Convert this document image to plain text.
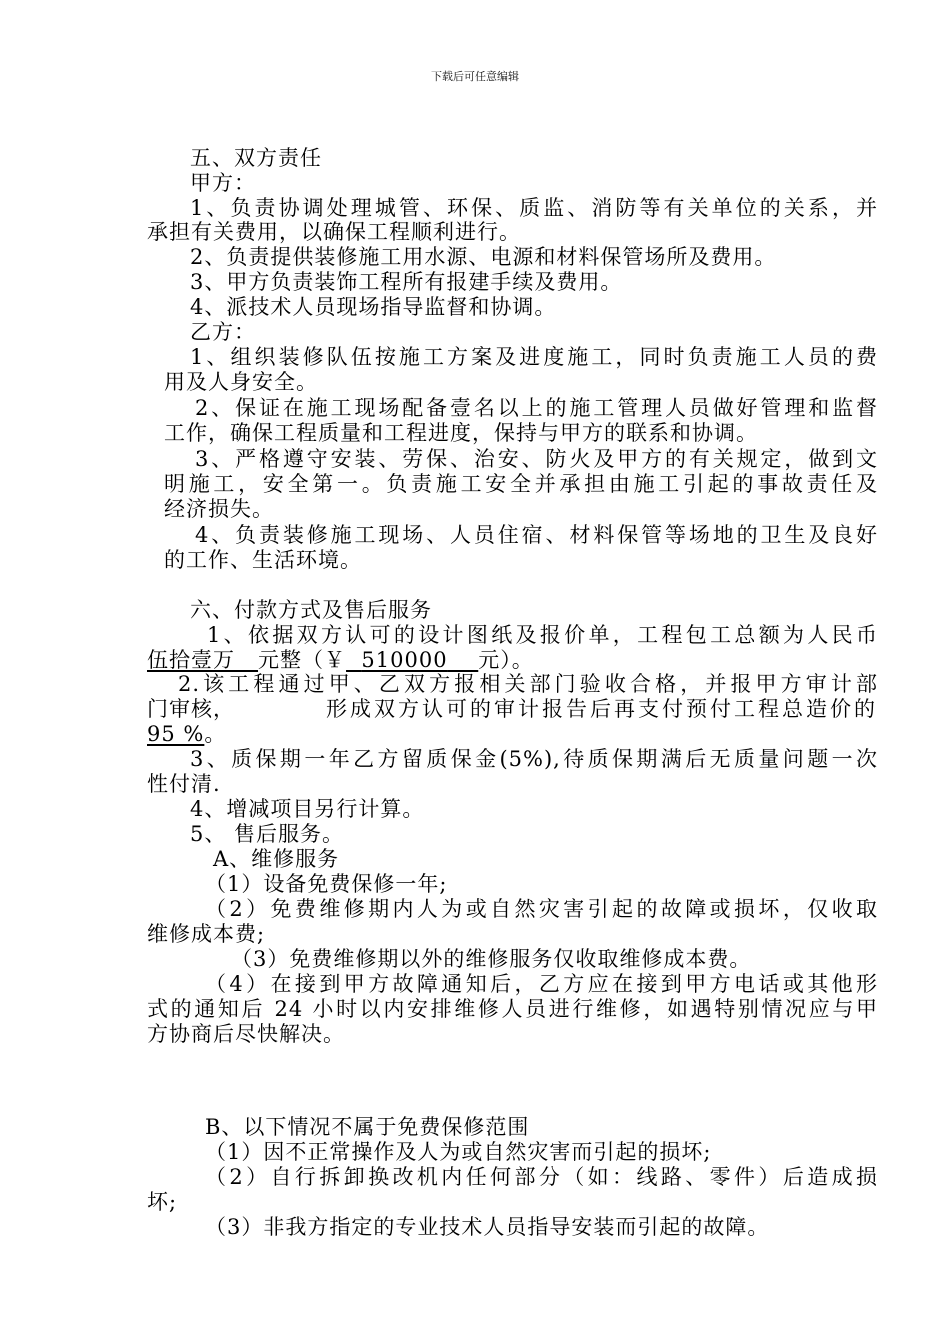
下载后可任意编辑
五、双方责任
甲方：
1、负责协调处理城管、环保、质监、消防等有关单位的关系，并
承担有关费用，以确保工程顺利进行。
2、负责提供装修施工用水源、电源和材料保管场所及费用。
3、甲方负责装饰工程所有报建手续及费用。
4、派技术人员现场指导监督和协调。
乙方：
1、组织装修队伍按施工方案及进度施工，同时负责施工人员的费
用及人身安全。
2、保证在施工现场配备壹名以上的施工管理人员做好管理和监督
工作，确保工程质量和工程进度，保持与甲方的联系和协调。
3、严格遵守安装、劳保、治安、防火及甲方的有关规定，做到文
明施工，安全第一。负责施工安全并承担由施工引起的事故责任及
经济损失。
4、负责装修施工现场、人员住宿、材料保管等场地的卫生及良好
的工作、生活环境。
六、付款方式及售后服务
1、依据双方认可的设计图纸及报价单，工程包工总额为人民币
伍拾壹万 元整（￥ 510000 元）。
2.该工程通过甲、乙双方报相关部门验收合格，并报甲方审计部
门审核，	形成双方认可的审计报告后再支付预付工程总造价的
95 %。
3、质保期一年乙方留质保金(5%),待质保期满后无质量问题一次
性付清.
4、增减项目另行计算。
5、 售后服务。
A、维修服务
（1）设备免费保修一年;
（2）免费维修期内人为或自然灾害引起的故障或损坏，仅收取
维修成本费;
（3）免费维修期以外的维修服务仅收取维修成本费。
（4）在接到甲方故障通知后，乙方应在接到甲方电话或其他形
式的通知后 24 小时以内安排维修人员进行维修，如遇特别情况应与甲
方协商后尽快解决。
B、以下情况不属于免费保修范围
（1）因不正常操作及人为或自然灾害而引起的损坏;
（2）自行拆卸换改机内任何部分（如：线路、零件）后造成损
坏;
（3）非我方指定的专业技术人员指导安装而引起的故障。
